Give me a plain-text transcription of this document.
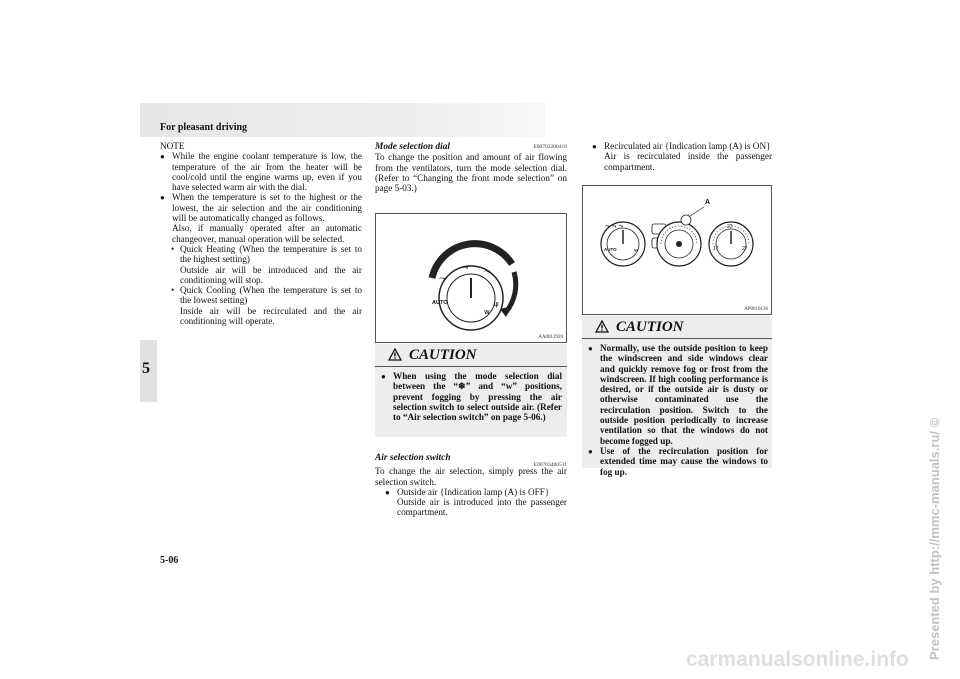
For pleasant driving
5
NOTE
● While the engine coolant temperature is low, the temperature of the air from the heater will be cool/cold until the engine warms up, even if you have selected warm air with the dial.
● When the temperature is set to the highest or the lowest, the air selection and the air conditioning will be automatically changed as follows.
Also, if manually operated after an automatic changeover, manual operation will be selected.
• Quick Heating (When the temperature is set to the highest setting)
Outside air will be introduced and the air conditioning will stop.
• Quick Cooling (When the temperature is set to the lowest setting)
Inside air will be recirculated and the air conditioning will operate.
Mode selection dial	E00703200418
To change the position and amount of air flowing from the ventilators, turn the mode selection dial. (Refer to “Changing the front mode selection” on page 5-03.)
⤳
⤳ ⤳
ψ
ᴡ
AUTO
AA0012920
CAUTION
● When using the mode selection dial between the “❄” and “ᴡ” positions, prevent fogging by pressing the air selection switch to select outside air. (Refer to “Air selection switch” on page 5-06.)
Air selection switch
E00703400511
To change the air selection, simply press the air selection switch.
● Outside air {Indication lamp (A) is OFF}
Outside air is introduced into the passenger compartment.
● Recirculated air {Indication lamp (A) is ON}
Air is recirculated inside the passenger compartment.
⤳ ⤳ ⤳
ᴡ
A
AUTO	17
22
27
AP0010136
CAUTION
● Normally, use the outside position to keep the windscreen and side windows clear and quickly remove fog or frost from the windscreen. If high cooling performance is desired, or if the outside air is dusty or otherwise contaminated use the recirculation position. Switch to the outside position periodically to increase ventilation so that the windows do not become fogged up.
● Use of the recirculation position for extended time may cause the windows to fog up.
5-06	Presented by http://mmc-manuals.ru/ ©
carmanualsonline.info
